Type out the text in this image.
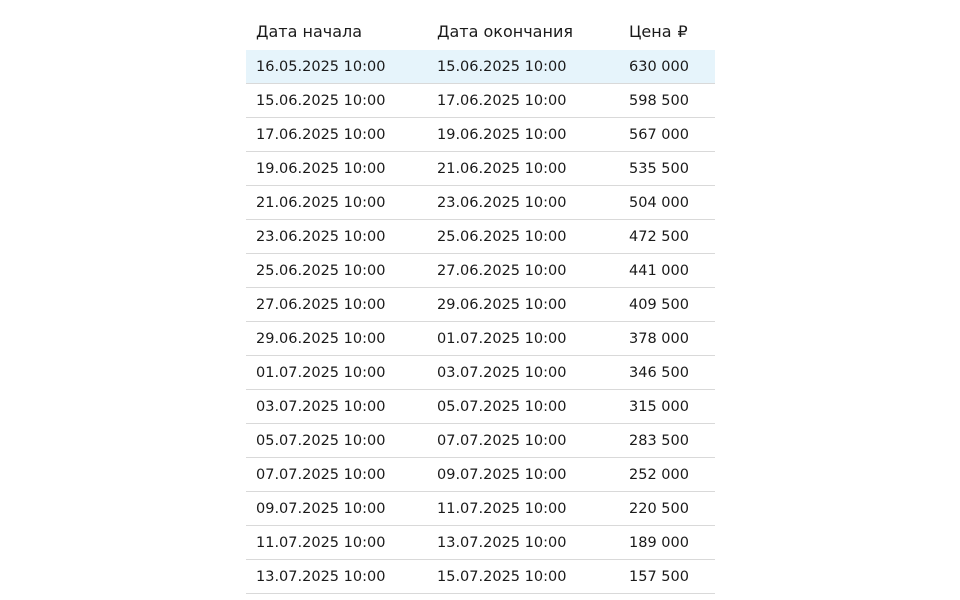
Дата начала	Дата окончания	Цена ₽
16.05.2025 10:00	15.06.2025 10:00	630 000
15.06.2025 10:00	17.06.2025 10:00	598 500
17.06.2025 10:00	19.06.2025 10:00	567 000
19.06.2025 10:00	21.06.2025 10:00	535 500
21.06.2025 10:00	23.06.2025 10:00	504 000
23.06.2025 10:00	25.06.2025 10:00	472 500
25.06.2025 10:00	27.06.2025 10:00	441 000
27.06.2025 10:00	29.06.2025 10:00	409 500
29.06.2025 10:00	01.07.2025 10:00	378 000
01.07.2025 10:00	03.07.2025 10:00	346 500
03.07.2025 10:00	05.07.2025 10:00	315 000
05.07.2025 10:00	07.07.2025 10:00	283 500
07.07.2025 10:00	09.07.2025 10:00	252 000
09.07.2025 10:00	11.07.2025 10:00	220 500
11.07.2025 10:00	13.07.2025 10:00	189 000
13.07.2025 10:00	15.07.2025 10:00	157 500
